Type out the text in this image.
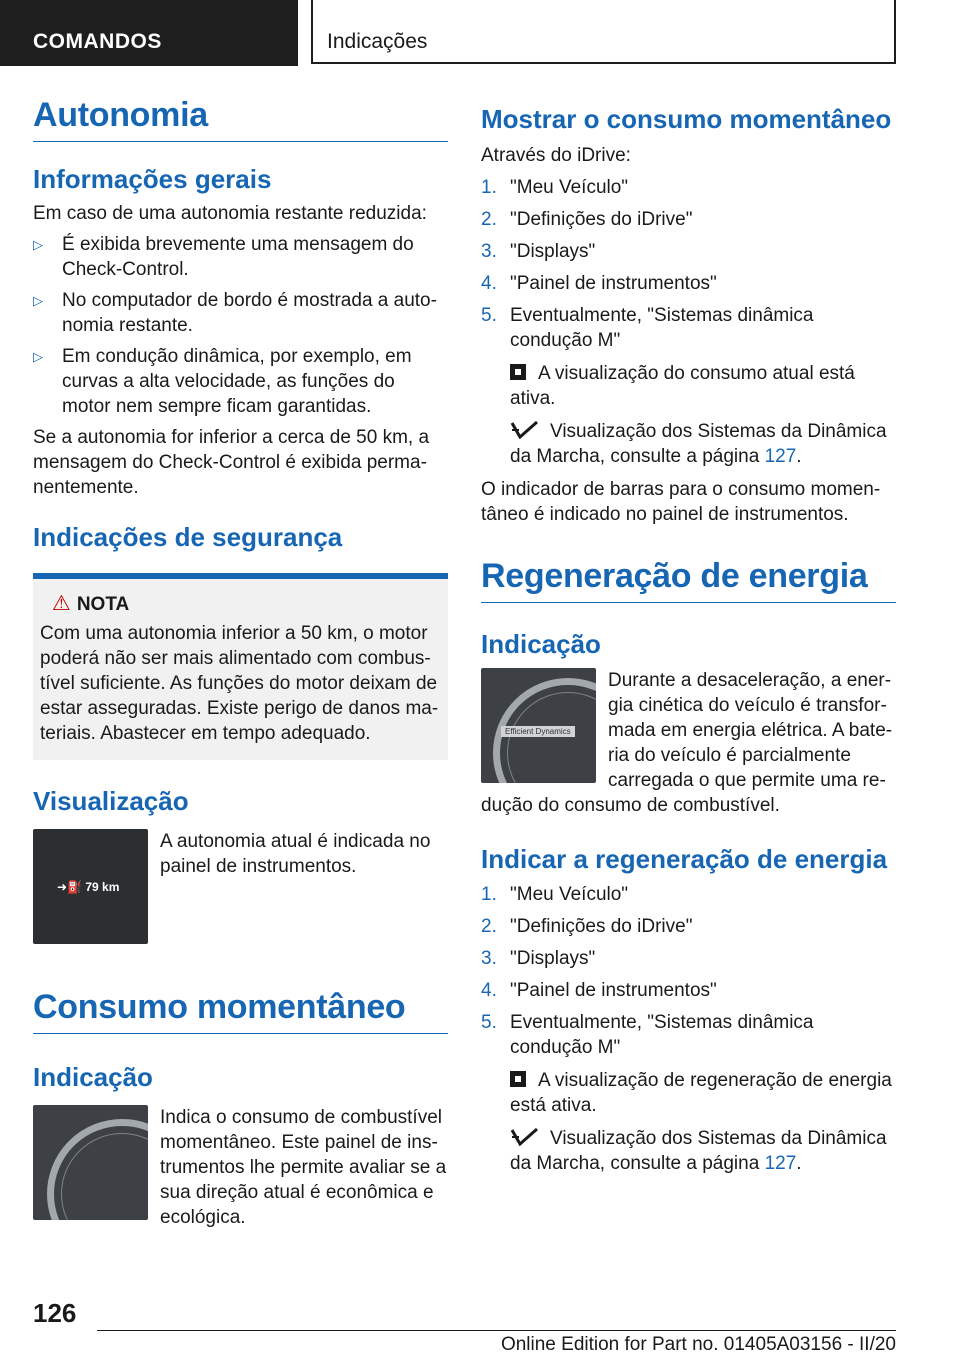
COMANDOS	Indicações
Autonomia
Informações gerais

Em caso de uma autonomia restante reduzida:

▷ É exibida brevemente uma mensagem do Check-Control.
▷ No computador de bordo é mostrada a autonomia restante.
▷ Em condução dinâmica, por exemplo, em curvas a alta velocidade, as funções do motor nem sempre ficam garantidas.

Se a autonomia for inferior a cerca de 50 km, a mensagem do Check-Control é exibida permanentemente.

Indicações de segurança
⚠ NOTA

Com uma autonomia inferior a 50 km, o motor poderá não ser mais alimentado com combustível suficiente. As funções do motor deixam de estar asseguradas. Existe perigo de danos materiais. Abastecer em tempo adequado.

Visualização
➜⛽ 79 km

A autonomia atual é indicada no painel de instrumentos.

Consumo momentâneo
Indicação

Indica o consumo de combustível momentâneo. Este painel de instrumentos lhe permite avaliar se a sua direção atual é econômica e ecológica.

Mostrar o consumo momentâneo

Através do iDrive:

1. "Meu Veículo"
2. "Definições do iDrive"
3. "Displays"
4. "Painel de instrumentos"
5. Eventualmente, "Sistemas dinâmica condução M"

A visualização do consumo atual está ativa.

Visualização dos Sistemas da Dinâmica da Marcha, consulte a página 127.

O indicador de barras para o consumo momentâneo é indicado no painel de instrumentos.

Regeneração de energia
Indicação
Efficient Dynamics

Durante a desaceleração, a energia cinética do veículo é transformada em energia elétrica. A bateria do veículo é parcialmente carregada o que permite uma redução do consumo de combustível.

Indicar a regeneração de energia
1. "Meu Veículo"
2. "Definições do iDrive"
3. "Displays"
4. "Painel de instrumentos"
5. Eventualmente, "Sistemas dinâmica condução M"

A visualização de regeneração de energia está ativa.

Visualização dos Sistemas da Dinâmica da Marcha, consulte a página 127.

126
Online Edition for Part no. 01405A03156 - II/20
